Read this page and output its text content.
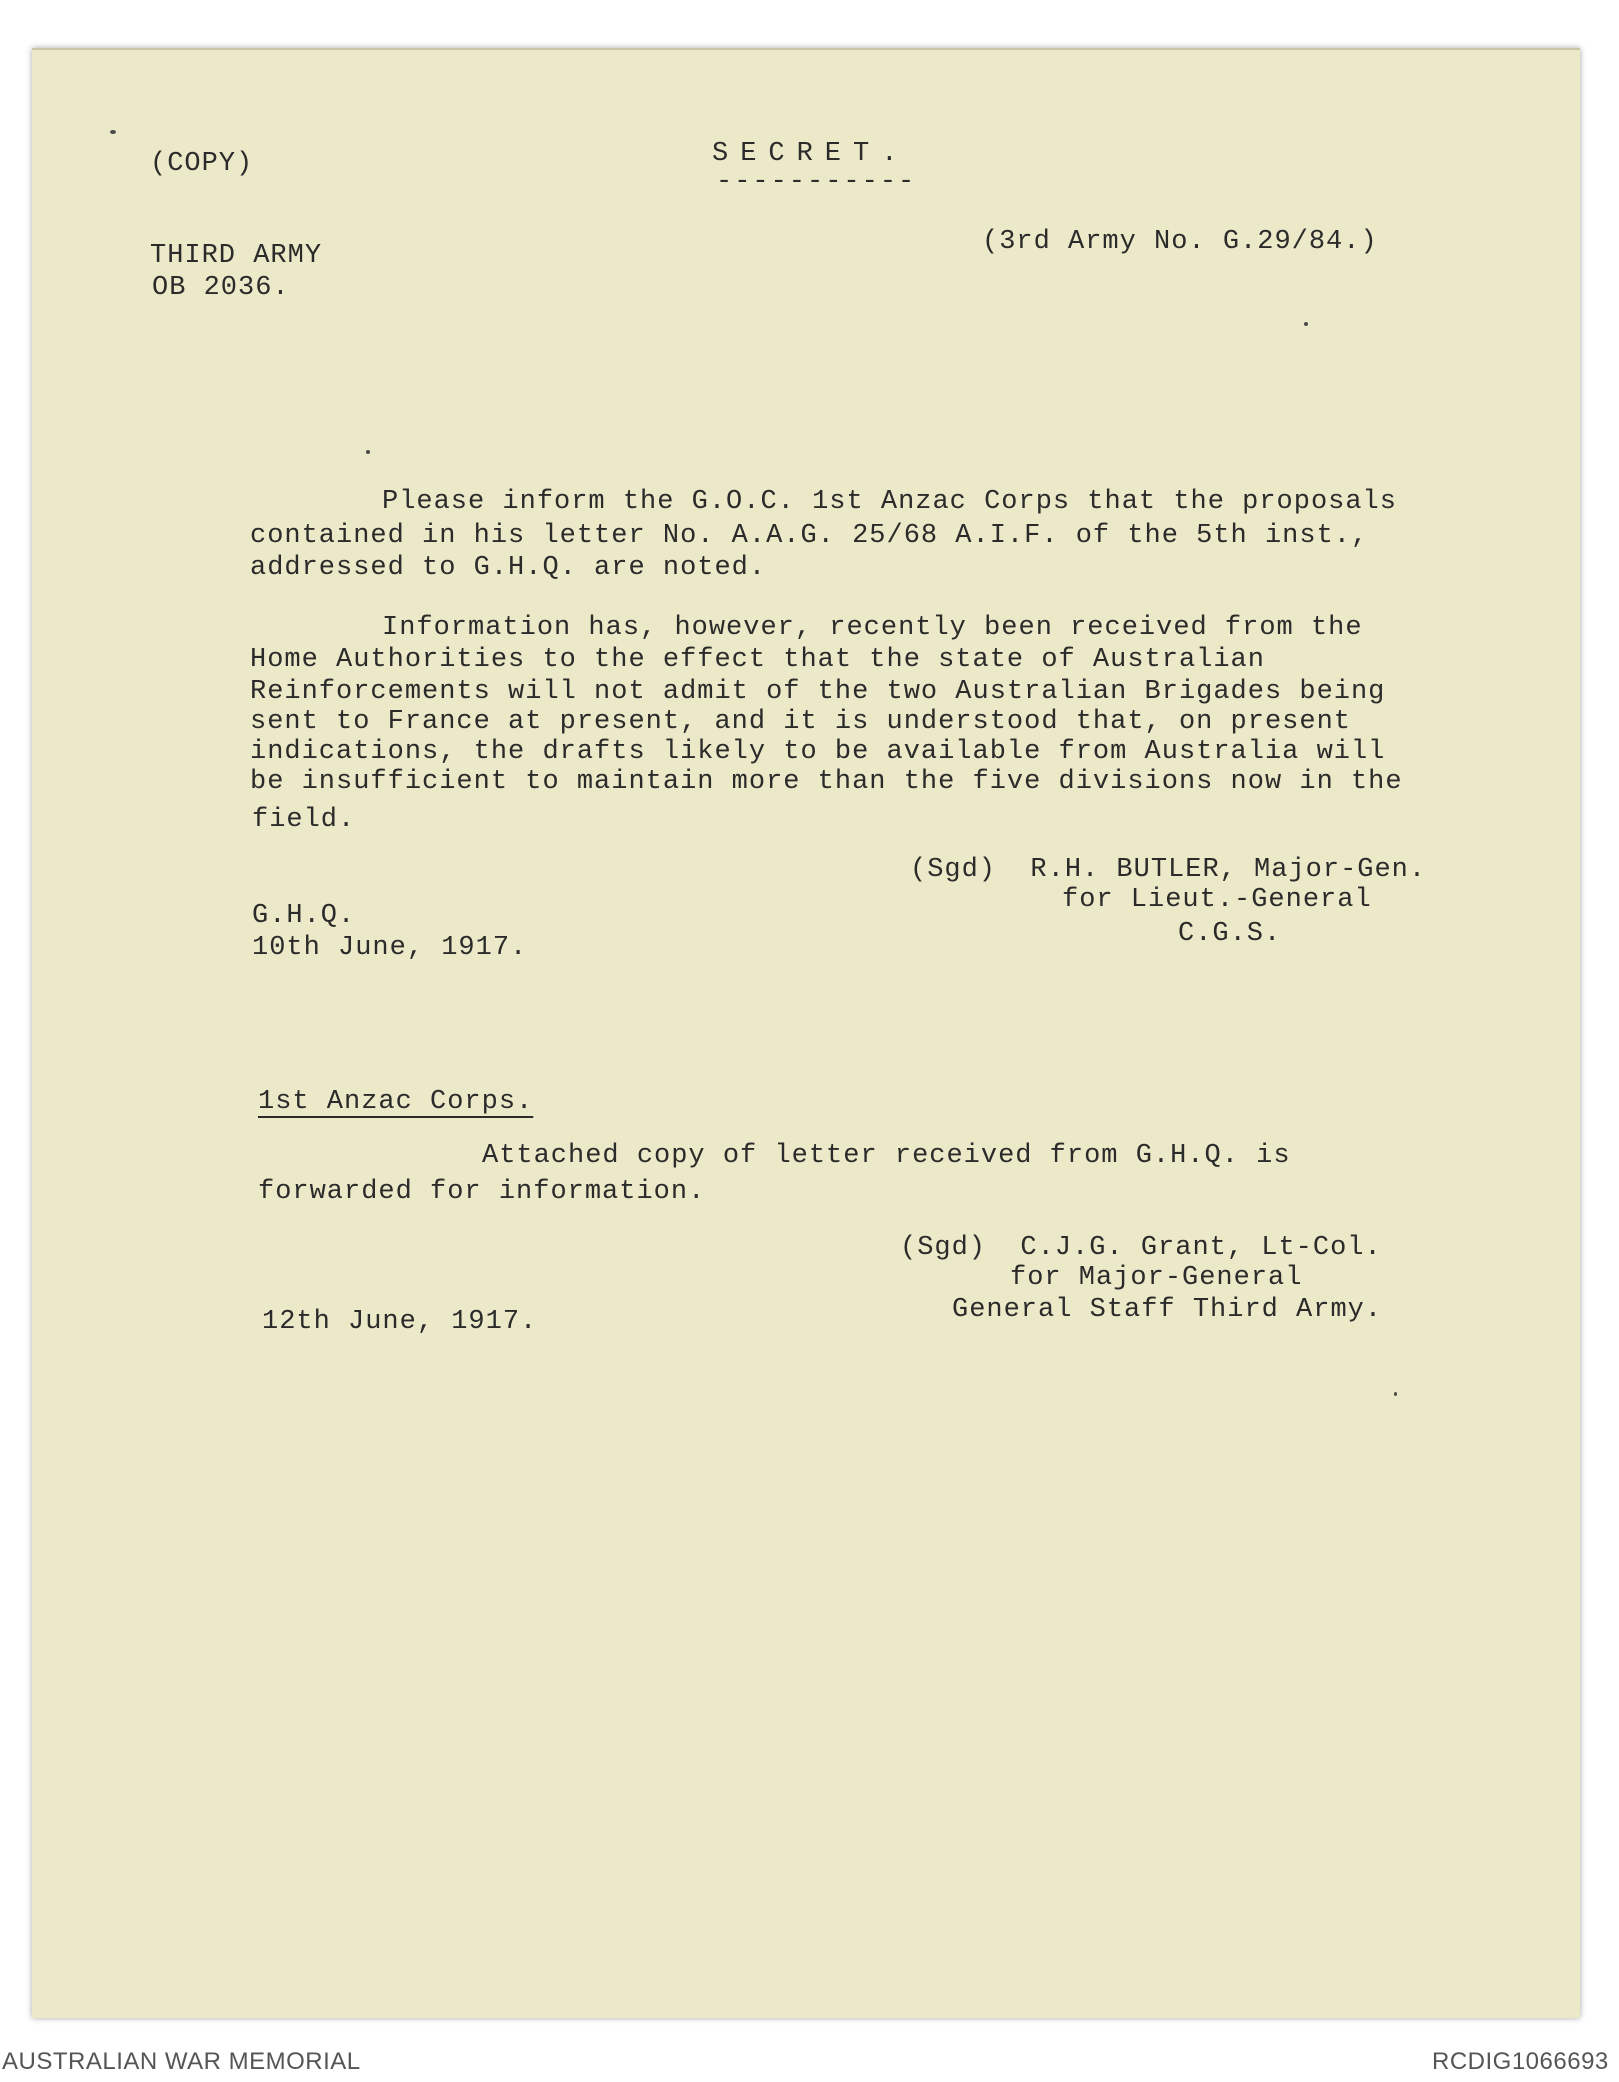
(COPY)	SECRET.
-----------
THIRD ARMY
OB 2036.
(3rd Army No. G.29/84.)
Please inform the G.O.C. 1st Anzac Corps that the proposals
contained in his letter No. A.A.G. 25/68 A.I.F. of the 5th inst.,
addressed to G.H.Q. are noted.
Information has, however, recently been received from the
Home Authorities to the effect that the state of Australian
Reinforcements will not admit of the two Australian Brigades being
sent to France at present, and it is understood that, on present
indications, the drafts likely to be available from Australia will
be insufficient to maintain more than the five divisions now in the
field.
(Sgd)  R.H. BUTLER, Major-Gen.
for Lieut.-General
C.G.S.
G.H.Q.
10th June, 1917.
1st Anzac Corps.
Attached copy of letter received from G.H.Q. is
forwarded for information.
(Sgd)  C.J.G. Grant, Lt-Col.
for Major-General
General Staff Third Army.
12th June, 1917.
AUSTRALIAN WAR MEMORIAL	RCDIG1066693
